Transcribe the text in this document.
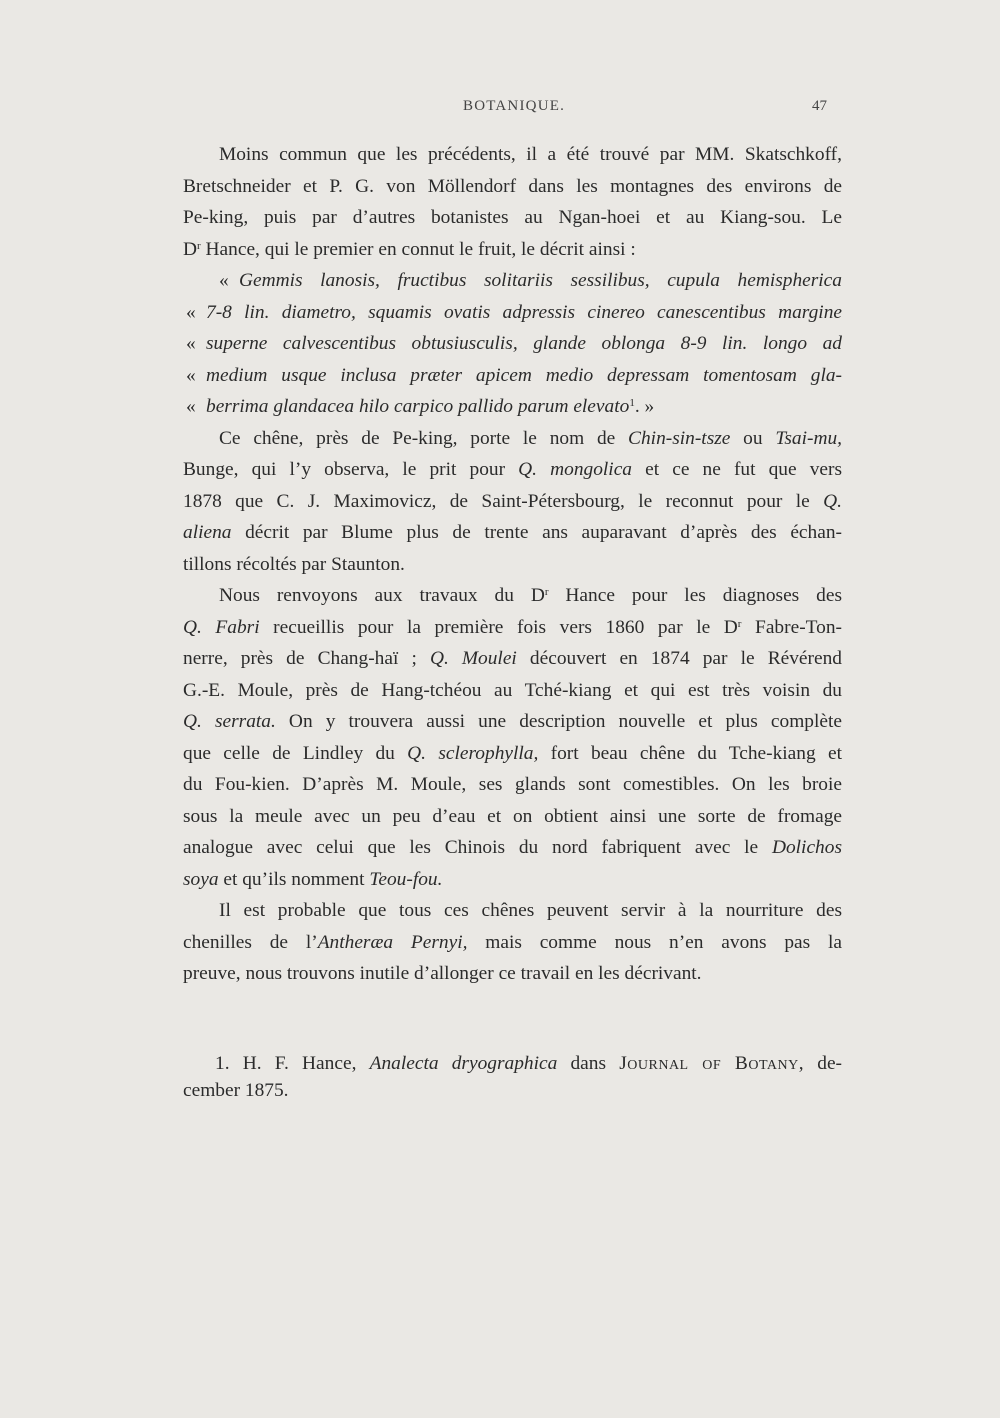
BOTANIQUE.	47
Moins commun que les précédents, il a été trouvé par MM. Skatschkoff,
Bretschneider et P. G. von Möllendorf dans les montagnes des environs de
Pe-king, puis par d’autres botanistes au Ngan-hoei et au Kiang-sou. Le
$D^r$ Hance, qui le premier en connut le fruit, le décrit ainsi :
« Gemmis lanosis, fructibus solitariis sessilibus, cupula hemispherica
« 7-8 lin. diametro, squamis ovatis adpressis cinereo canescentibus margine
« superne calvescentibus obtusiusculis, glande oblonga 8-9 lin. longo ad
« medium usque inclusa præter apicem medio depressam tomentosam gla-
« berrima glandacea hilo carpico pallido parum elevato$^1$. »
Ce chêne, près de Pe-king, porte le nom de Chin-sin-tsze ou Tsai-mu,
Bunge, qui l’y observa, le prit pour Q. mongolica et ce ne fut que vers
1878 que C. J. Maximovicz, de Saint-Pétersbourg, le reconnut pour le Q.
aliena décrit par Blume plus de trente ans auparavant d’après des échan-
tillons récoltés par Staunton.
Nous renvoyons aux travaux du $D^r$ Hance pour les diagnoses des
Q. Fabri recueillis pour la première fois vers 1860 par le $D^r$ Fabre-Ton-
nerre, près de Chang-haï ; Q. Moulei découvert en 1874 par le Révérend
G.-E. Moule, près de Hang-tchéou au Tché-kiang et qui est très voisin du
Q. serrata. On y trouvera aussi une description nouvelle et plus complète
que celle de Lindley du Q. sclerophylla, fort beau chêne du Tche-kiang et
du Fou-kien. D’après M. Moule, ses glands sont comestibles. On les broie
sous la meule avec un peu d’eau et on obtient ainsi une sorte de fromage
analogue avec celui que les Chinois du nord fabriquent avec le Dolichos
soya et qu’ils nomment Teou-fou.
Il est probable que tous ces chênes peuvent servir à la nourriture des
chenilles de l’Antheræa Pernyi, mais comme nous n’en avons pas la
preuve, nous trouvons inutile d’allonger ce travail en les décrivant.
1. H. F. Hance, Analecta dryographica dans Journal of Botany, de-
cember 1875.
